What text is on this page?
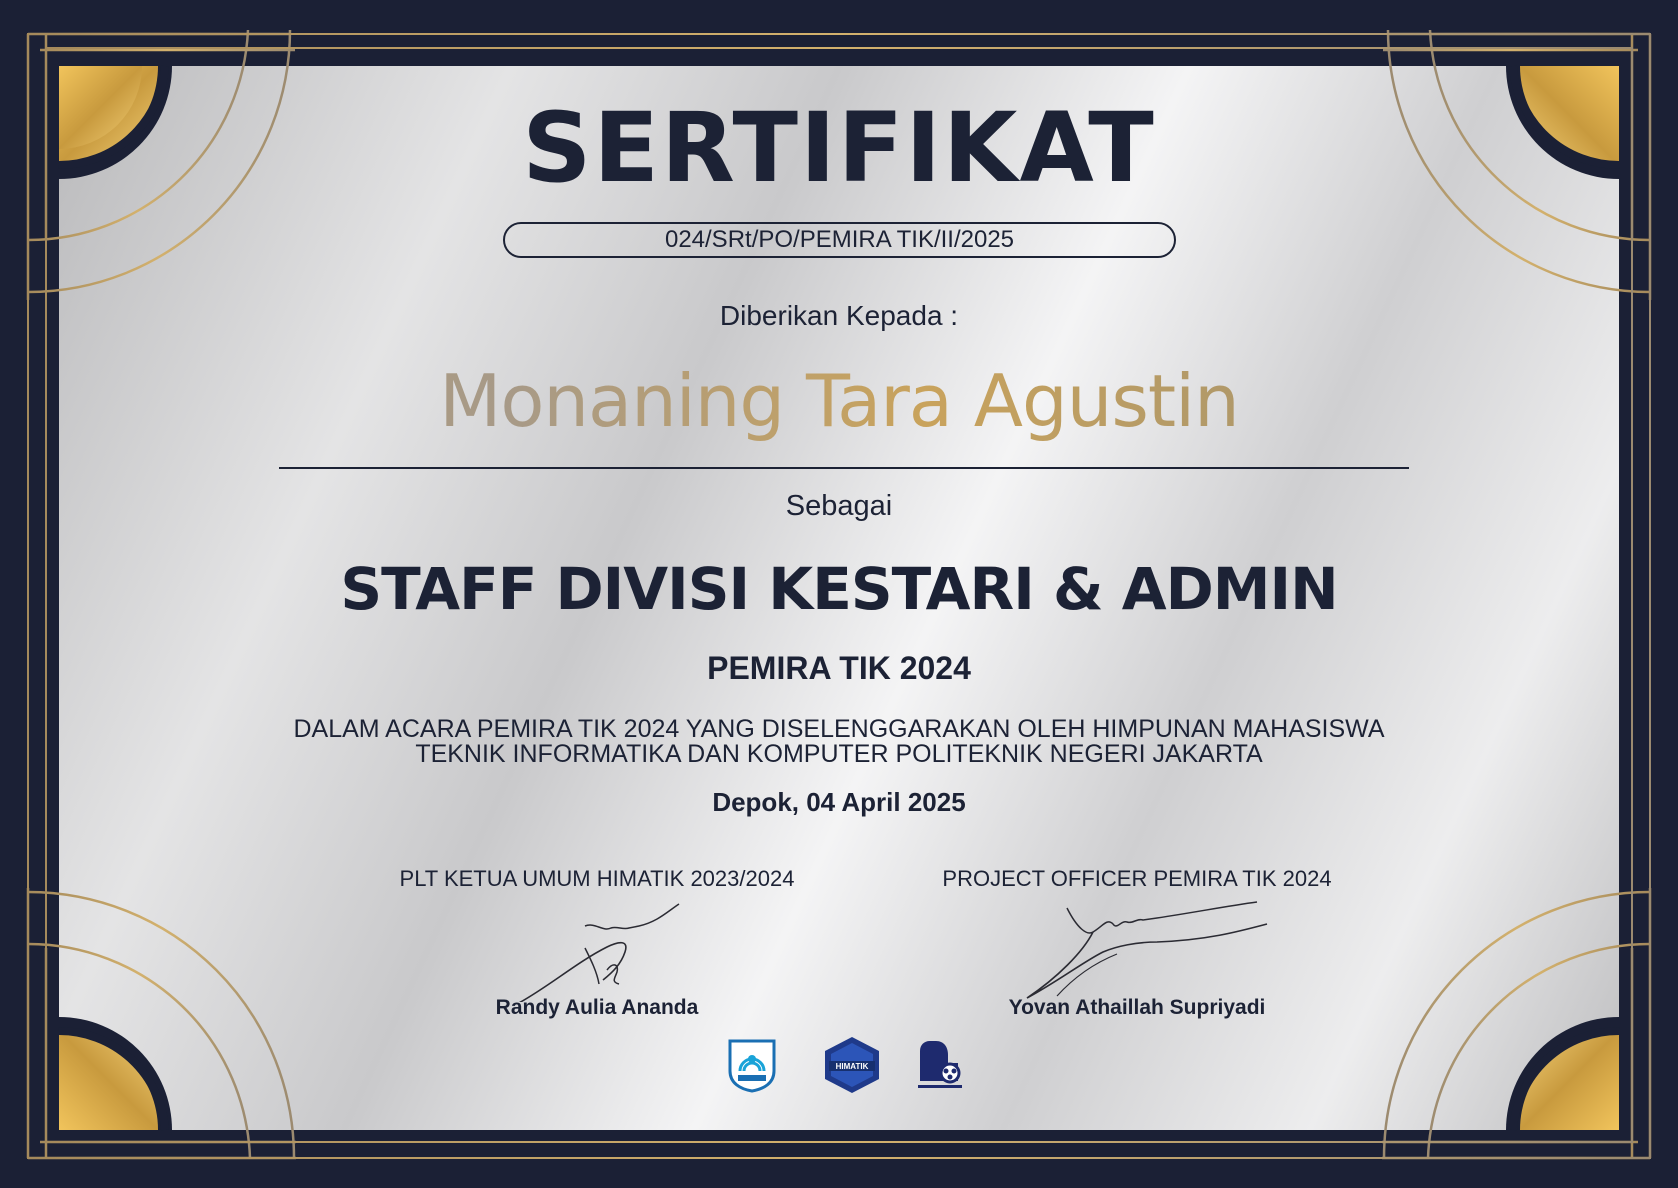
SERTIFIKAT
024/SRt/PO/PEMIRA TIK/II/2025
Diberikan Kepada :
Monaning Tara Agustin
Sebagai
STAFF DIVISI KESTARI & ADMIN
PEMIRA TIK 2024
DALAM ACARA PEMIRA TIK 2024 YANG DISELENGGARAKAN OLEH HIMPUNAN MAHASISWA
TEKNIK INFORMATIKA DAN KOMPUTER POLITEKNIK NEGERI JAKARTA
Depok, 04 April 2025
PLT KETUA UMUM HIMATIK 2023/2024
Randy Aulia Ananda
PROJECT OFFICER PEMIRA TIK 2024
Yovan Athaillah Supriyadi
HIMATIK
